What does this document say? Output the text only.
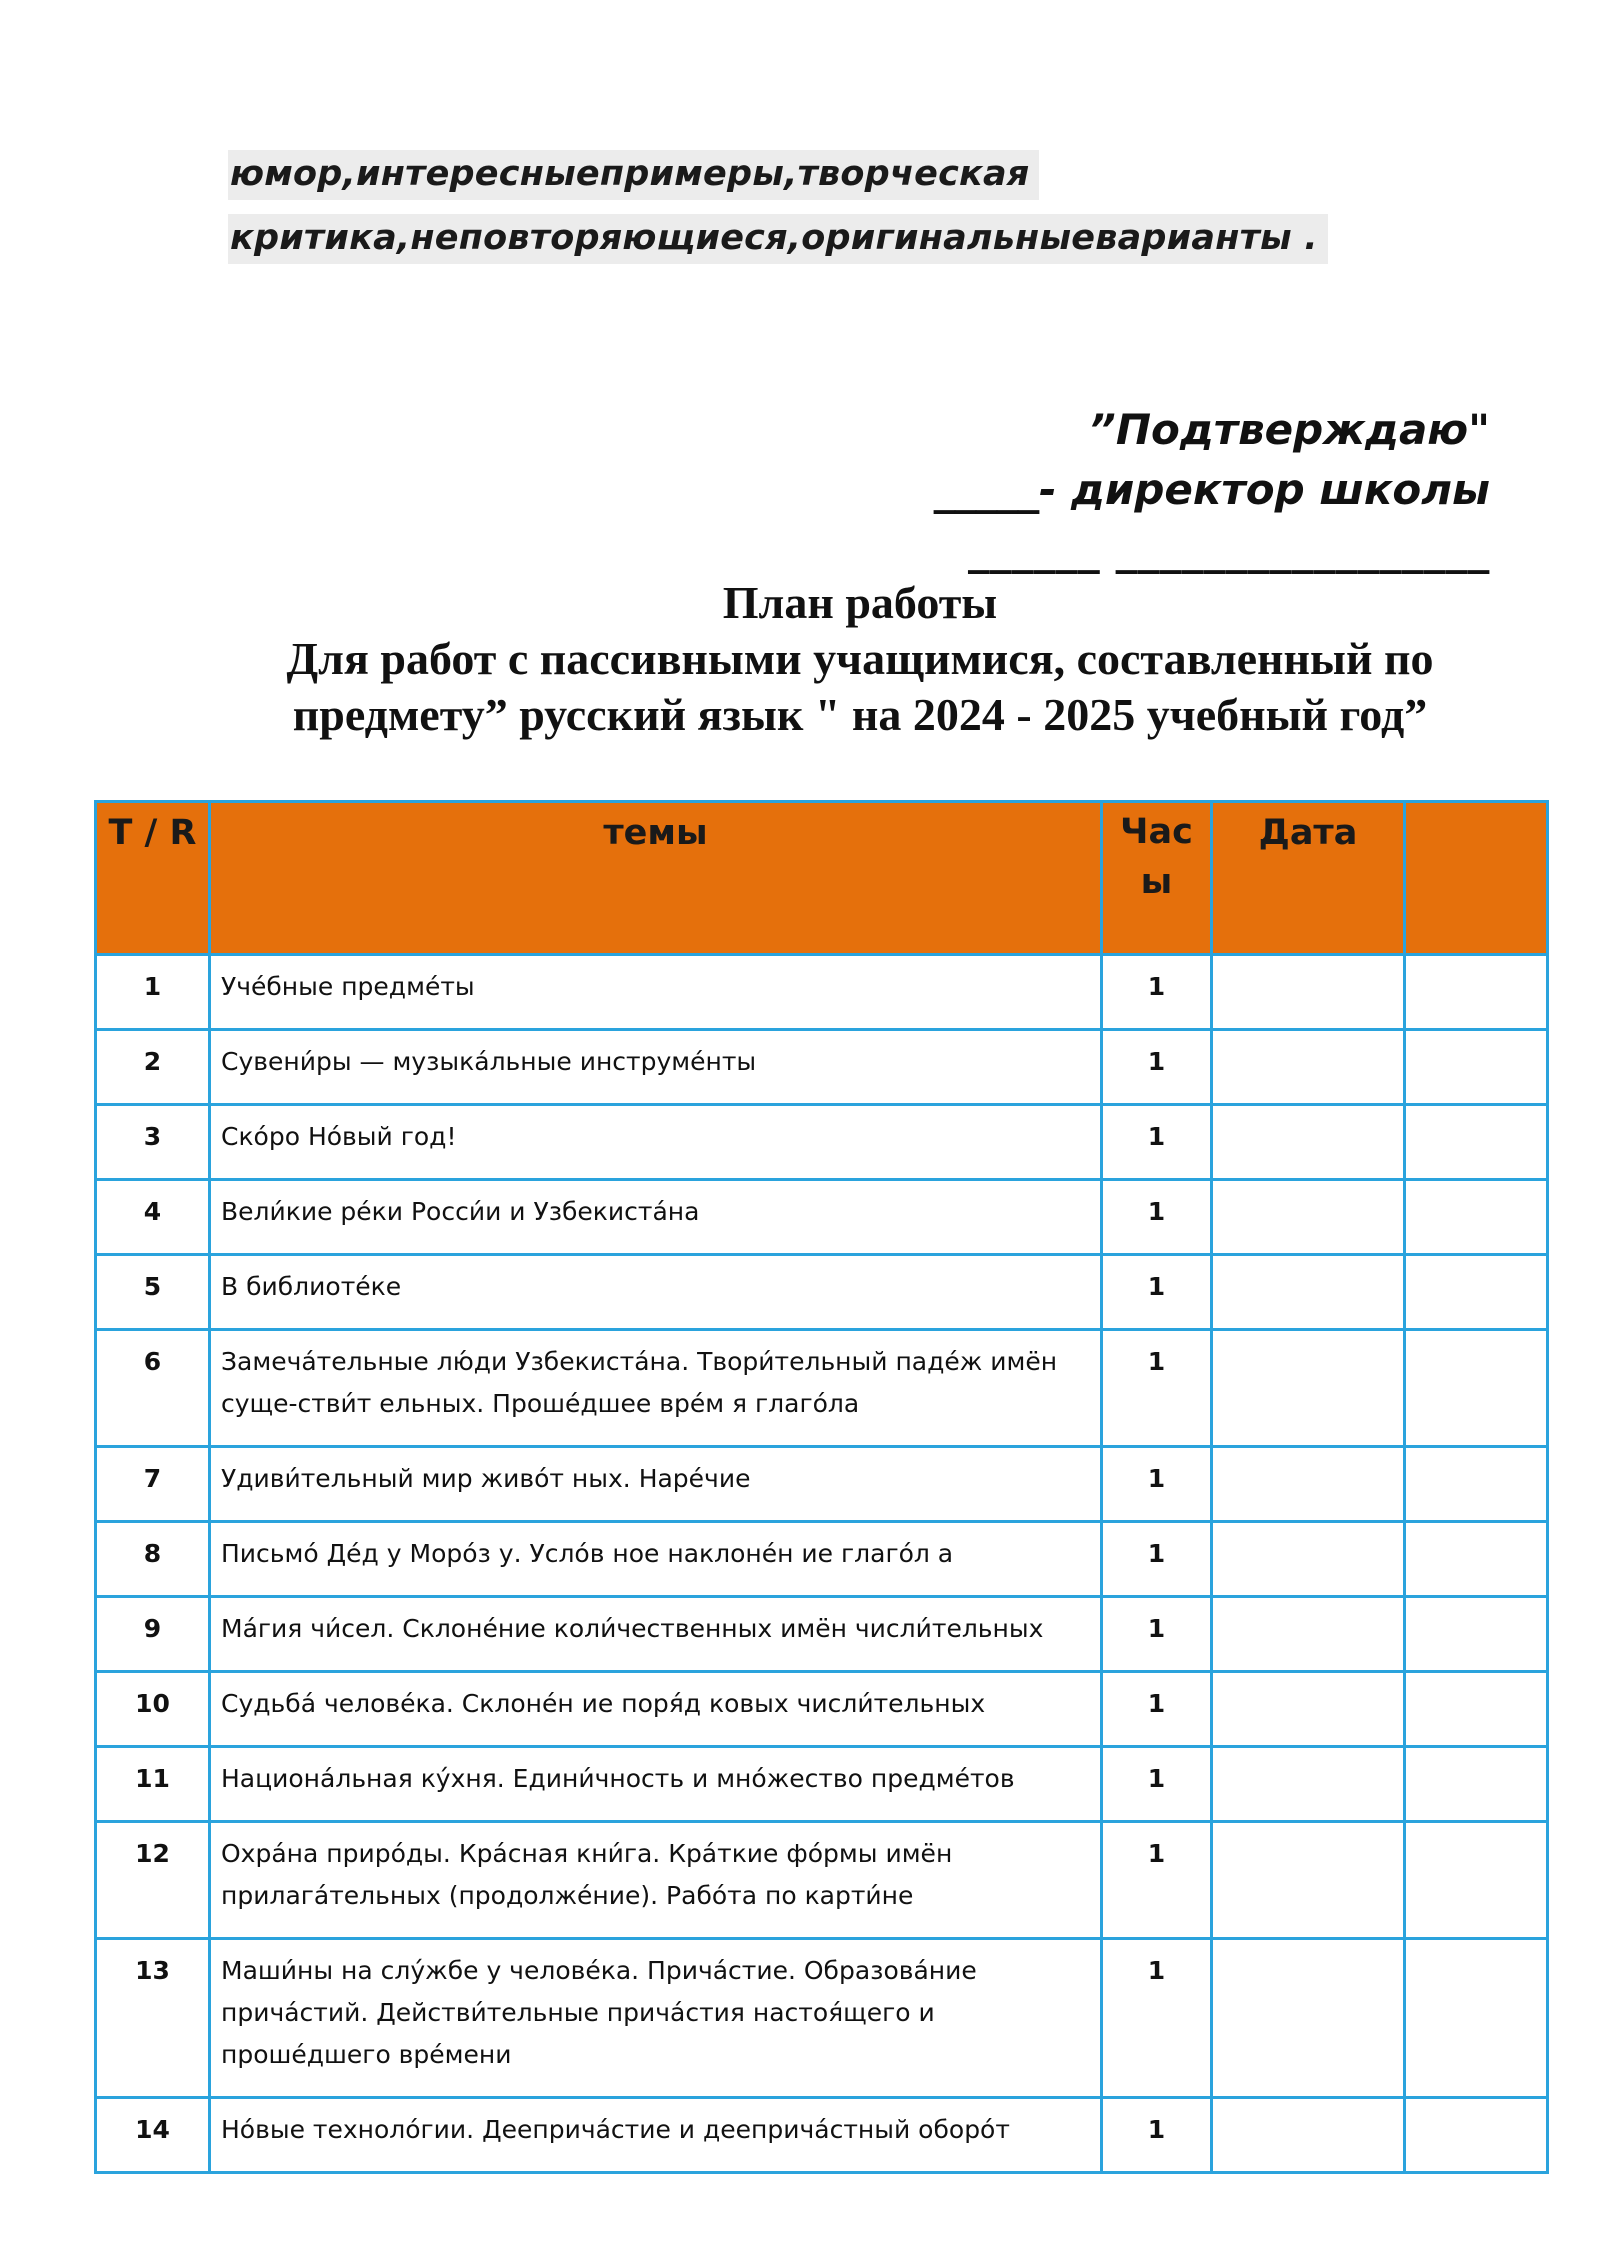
юмор,интересныепримеры,творческая
критика,неповторяющиеся,оригинальныеварианты .
”Подтверждаю"
_____- директор школы
______ _________________
План работы
Для работ с пассивными учащимися, составленный по
предмету” русский язык " на 2024 - 2025 учебный год”
T / R	темы	Час ы	Дата	
1	Учéбные предмéты	1		
2	Сувени́ры — музыкáльные инструмéнты	1		
3	Скóро Нóвый год!	1		
4	Вели́кие рéки Росси́и и Узбекистáна	1		
5	В библиотéке	1		
6	Замечáтельные лю́ди Узбекистáна. Твори́тельный падéж имён суще-стви́т ельных. Прошéдшее врéм я глагóла	1		
7	Удиви́тельный мир живóт ных. Нарéчие	1		
8	Письмó Дéд у Морóз у. Услóв ное наклонéн ие глагóл а	1		
9	Мáгия чи́сел. Склонéние коли́чественных имён числи́тельных	1		
10	Судьбá человéка. Склонéн ие поря́д ковых числи́тельных	1		
11	Национáльная кýхня. Едини́чность и мнóжество предмéтов	1		
12	Охрáна прирóды. Крáсная кни́га. Крáткие фóрмы имён прилагáтельных (продолжéние). Рабóта по карти́не	1		
13	Маши́ны на слýжбе у человéка. Причáстие. Образовáние причáстий. Действи́тельные причáстия настоя́щего и прошéдшего врéмени	1		
14	Нóвые технолóгии. Деепричáстие и деепричáстный оборóт	1		
